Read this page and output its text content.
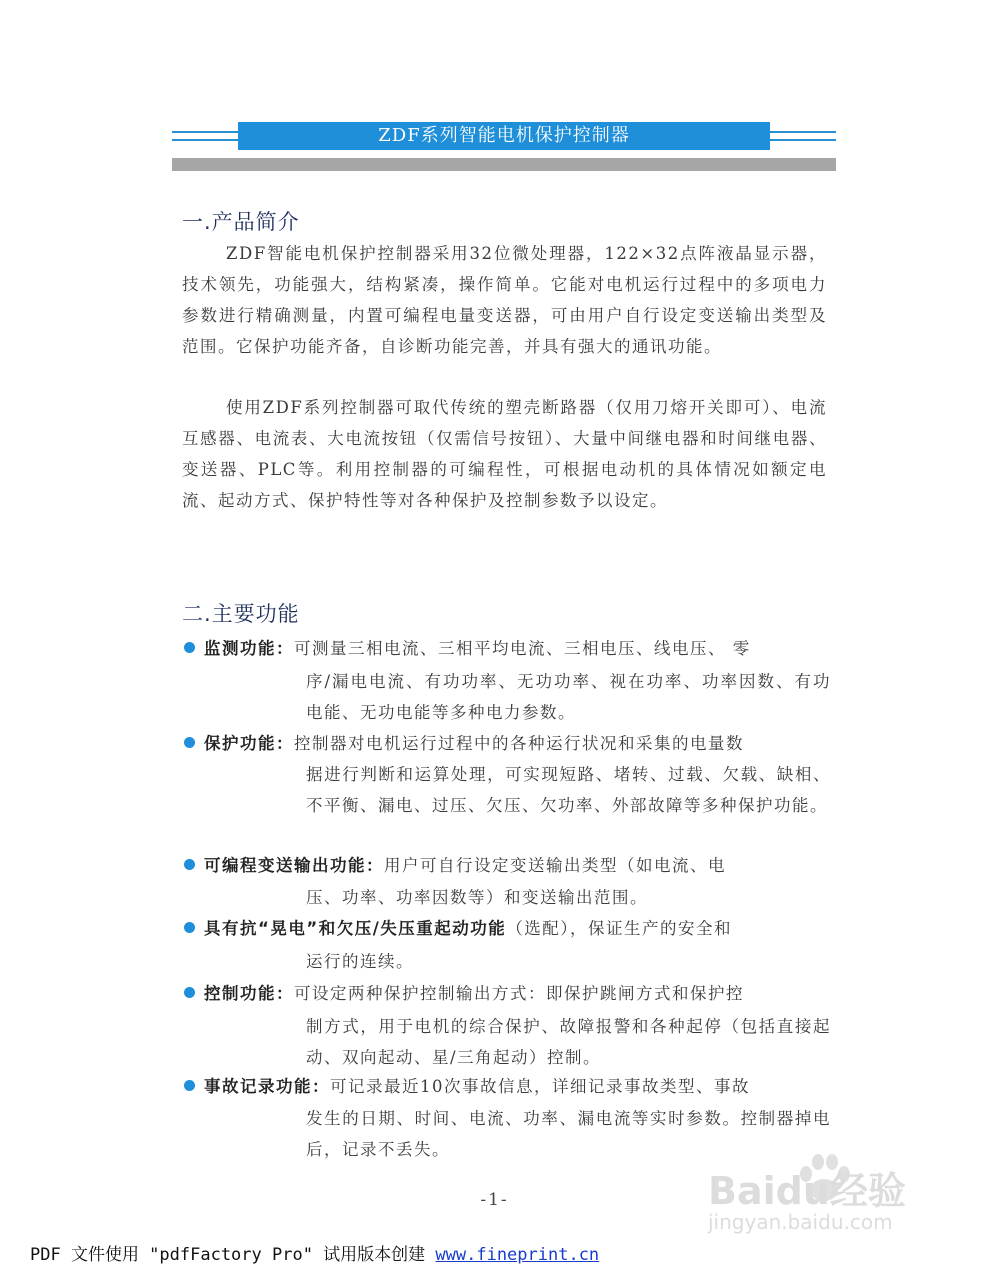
ZDF系列智能电机保护控制器
一.产品简介

ZDF智能电机保护控制器采用32位微处理器，122×32点阵液晶显示器，技术领先，功能强大，结构紧凑，操作简单。它能对电机运行过程中的多项电力参数进行精确测量，内置可编程电量变送器，可由用户自行设定变送输出类型及范围。它保护功能齐备，自诊断功能完善，并具有强大的通讯功能。

使用ZDF系列控制器可取代传统的塑壳断路器（仅用刀熔开关即可）、电流互感器、电流表、大电流按钮（仅需信号按钮）、大量中间继电器和时间继电器、变送器、PLC等。利用控制器的可编程性，可根据电动机的具体情况如额定电流、起动方式、保护特性等对各种保护及控制参数予以设定。

二.主要功能
监测功能：可测量三相电流、三相平均电流、三相电压、线电压、 零
序/漏电电流、有功功率、无功功率、视在功率、功率因数、有功电能、无功电能等多种电力参数。
保护功能：控制器对电机运行过程中的各种运行状况和采集的电量数
据进行判断和运算处理，可实现短路、堵转、过载、欠载、缺相、不平衡、漏电、过压、欠压、欠功率、外部故障等多种保护功能。
可编程变送输出功能：用户可自行设定变送输出类型（如电流、电
压、功率、功率因数等）和变送输出范围。
具有抗“晃电”和欠压/失压重起动功能（选配），保证生产的安全和
运行的连续。
控制功能：可设定两种保护控制输出方式：即保护跳闸方式和保护控
制方式，用于电机的综合保护、故障报警和各种起停（包括直接起动、双向起动、星/三角起动）控制。
事故记录功能：可记录最近10次事故信息，详细记录事故类型、事故
发生的日期、时间、电流、功率、漏电流等实时参数。控制器掉电后，记录不丢失。
-1-	Baidu经验
jingyan.baidu.com
PDF 文件使用 "pdfFactory Pro" 试用版本创建 www.fineprint.cn
